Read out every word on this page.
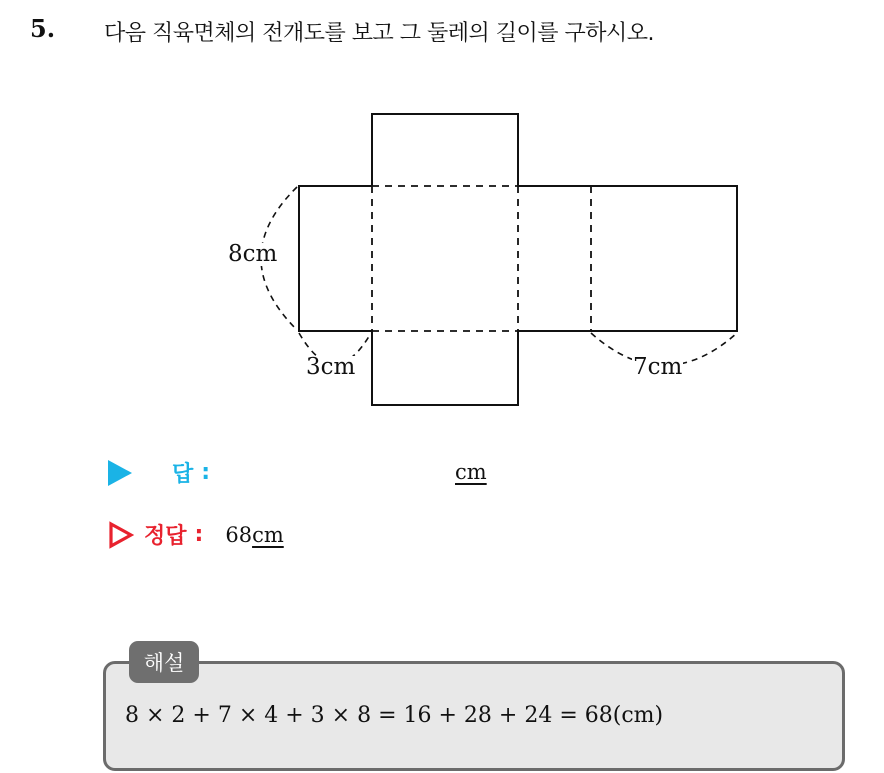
5. 다음 직육면체의 전개도를 보고 그 둘레의 길이를 구하시오.
8cm
3cm	7cm
답 :	cm
정답 : 68 cm
해설
8 × 2 + 7 × 4 + 3 × 8 = 16 + 28 + 24 = 68(cm)
